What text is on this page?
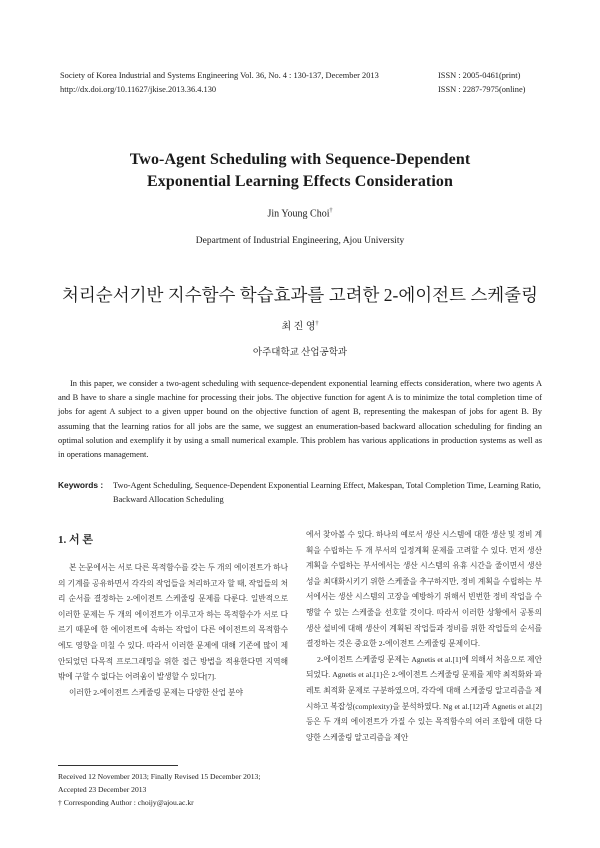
Society of Korea Industrial and Systems Engineering Vol. 36, No. 4 : 130-137, December 2013
http://dx.doi.org/10.11627/jkise.2013.36.4.130
ISSN : 2005-0461(print)
ISSN : 2287-7975(online)
Two-Agent Scheduling with Sequence-Dependent
Exponential Learning Effects Consideration
Jin Young Choi†
Department of Industrial Engineering, Ajou University
처리순서기반 지수함수 학습효과를 고려한 2-에이전트 스케줄링
최 진 영†
아주대학교 산업공학과

In this paper, we consider a two-agent scheduling with sequence-dependent exponential learning effects consideration, where two agents A and B have to share a single machine for processing their jobs. The objective function for agent A is to minimize the total completion time of jobs for agent A subject to a given upper bound on the objective function of agent B, representing the makespan of jobs for agent B. By assuming that the learning ratios for all jobs are the same, we suggest an enumeration-based backward allocation scheduling for finding an optimal solution and exemplify it by using a small numerical example. This problem has various applications in production systems as well as in operations management.

Keywords : Two-Agent Scheduling, Sequence-Dependent Exponential Learning Effect, Makespan, Total Completion Time, Learning Ratio, Backward Allocation Scheduling
1. 서 론

본 논문에서는 서로 다른 목적함수를 갖는 두 개의 에이전트가 하나의 기계를 공유하면서 각각의 작업들을 처리하고자 할 때, 작업들의 처리 순서를 결정하는 2-에이전트 스케줄링 문제를 다룬다. 일반적으로 이러한 문제는 두 개의 에이전트가 이루고자 하는 목적함수가 서로 다르기 때문에 한 에이전트에 속하는 작업이 다른 에이전트의 목적함수에도 영향을 미칠 수 있다. 따라서 이러한 문제에 대해 기존에 많이 제안되었던 다목적 프로그래밍을 위한 접근 방법을 적용한다면 지역해 밖에 구할 수 없다는 어려움이 발생할 수 있다[7].

이러한 2-에이전트 스케줄링 문제는 다양한 산업 분야

Received 12 November 2013; Finally Revised 15 December 2013; Accepted 23 December 2013
† Corresponding Author : choijy@ajou.ac.kr

에서 찾아볼 수 있다. 하나의 예로서 생산 시스템에 대한 생산 및 정비 계획을 수립하는 두 개 부서의 일정계획 문제를 고려할 수 있다. 먼저 생산 계획을 수립하는 부서에서는 생산 시스템의 유휴 시간을 줄이면서 생산성을 최대화시키기 위한 스케줄을 추구하지만, 정비 계획을 수립하는 부서에서는 생산 시스템의 고장을 예방하기 위해서 빈번한 정비 작업을 수행할 수 있는 스케줄을 선호할 것이다. 따라서 이러한 상황에서 공통의 생산 설비에 대해 생산이 계획된 작업들과 정비를 위한 작업들의 순서를 결정하는 것은 중요한 2-에이전트 스케줄링 문제이다.

2-에이전트 스케줄링 문제는 Agnetis et al.[1]에 의해서 처음으로 제안되었다. Agnetis et al.[1]은 2-에이전트 스케줄링 문제를 제약 최적화와 파레토 최적화 문제로 구분하였으며, 각각에 대해 스케줄링 알고리즘을 제시하고 복잡성(complexity)을 분석하였다. Ng et al.[12]과 Agnetis et al.[2] 등은 두 개의 에이전트가 가질 수 있는 목적함수의 여러 조합에 대한 다양한 스케줄링 알고리즘을 제안
